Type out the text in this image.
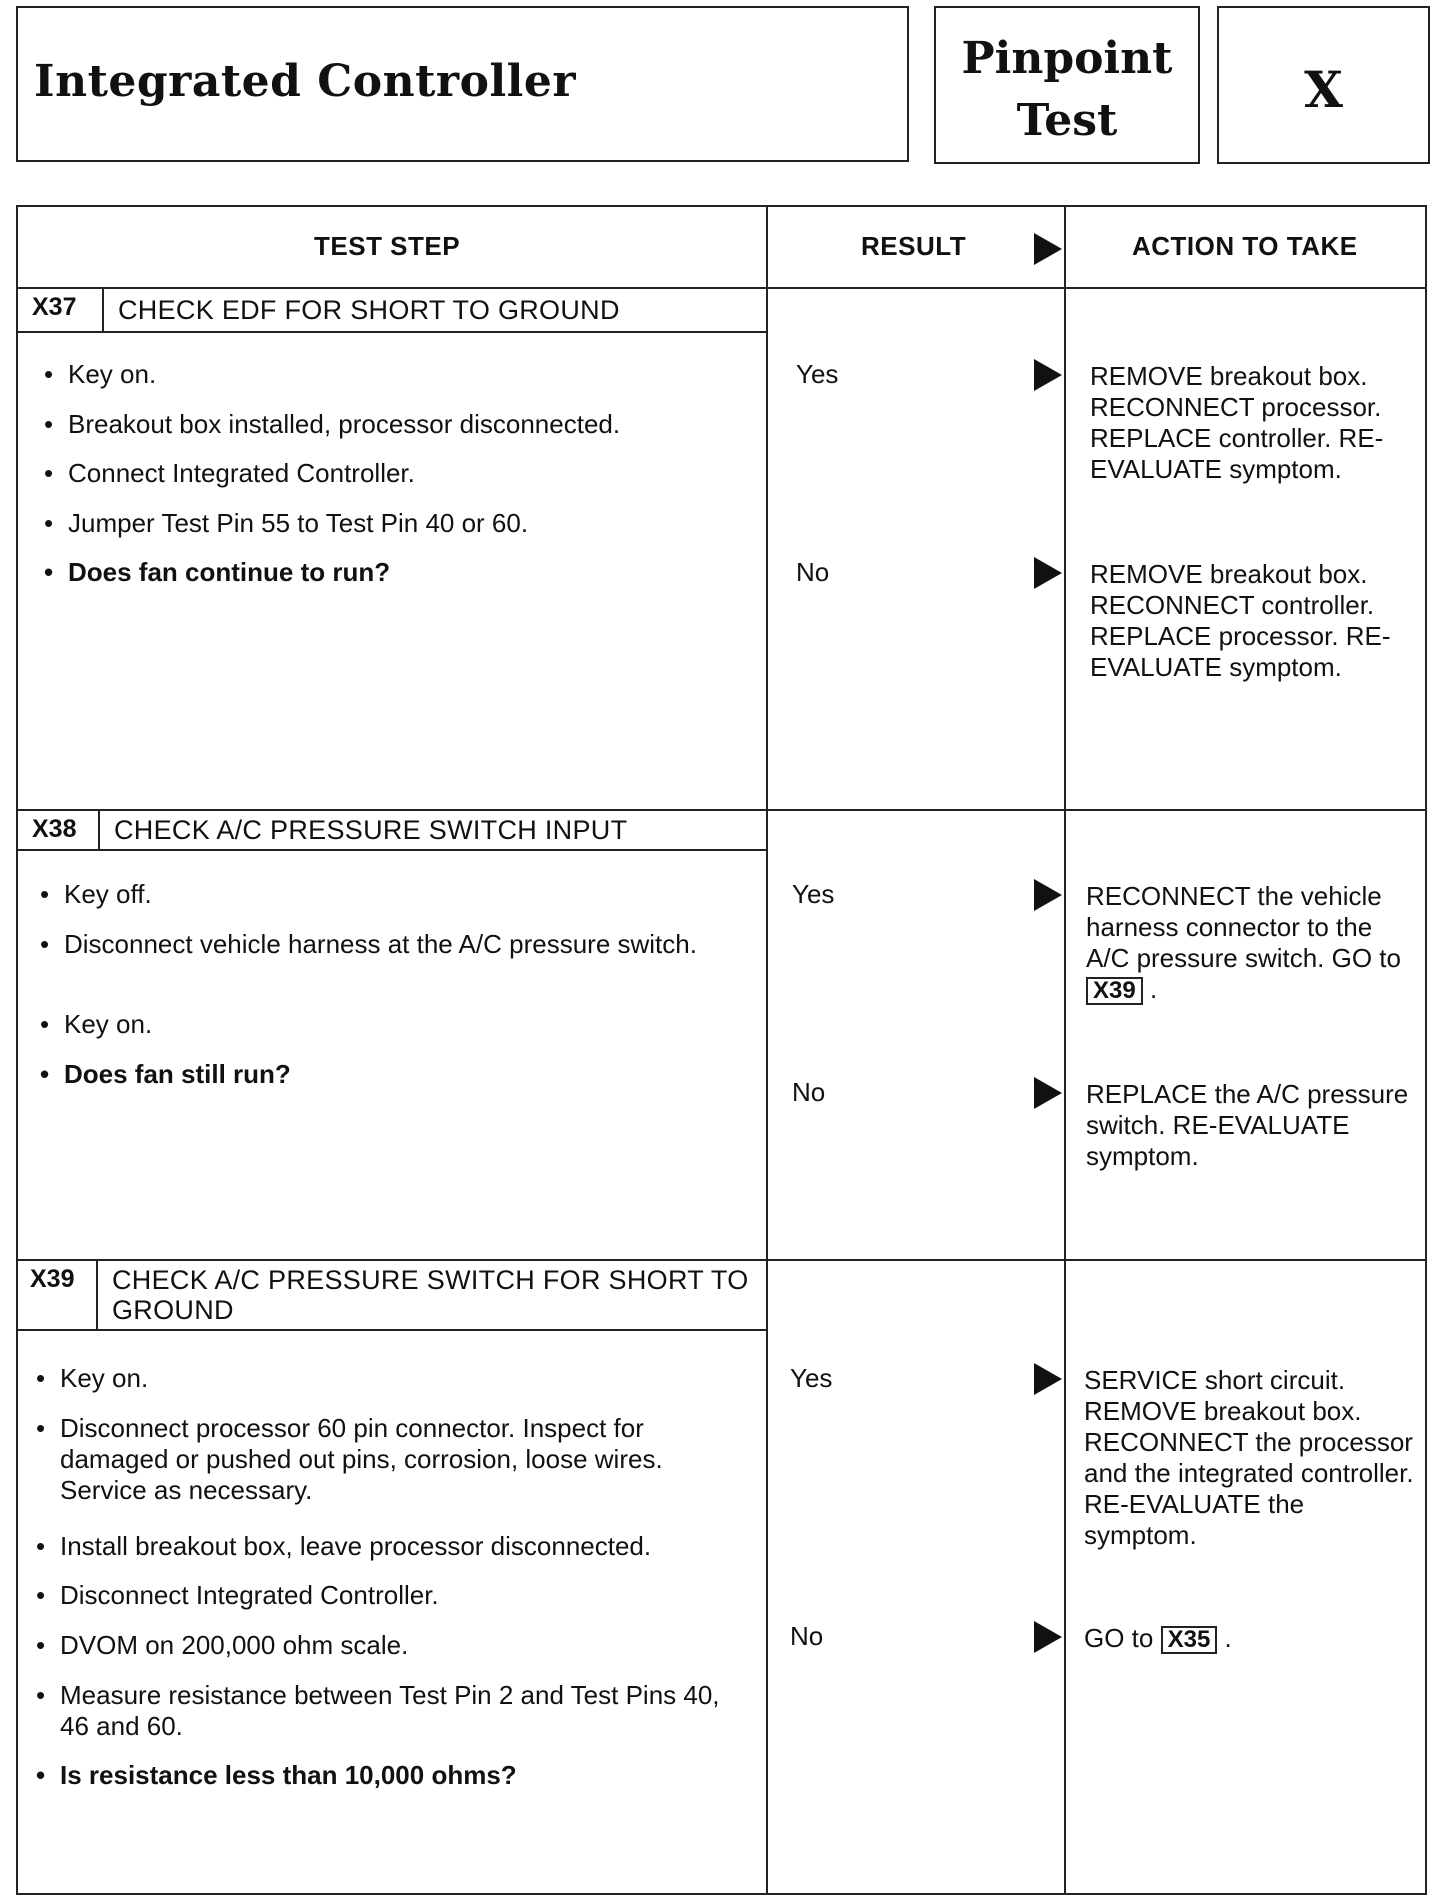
Integrated Controller	Pinpoint
Test
X
TEST STEP	RESULT	ACTION TO TAKE
X37 CHECK EDF FOR SHORT TO GROUND
• Key on.
• Breakout box installed, processor disconnected.
• Connect Integrated Controller.
• Jumper Test Pin 55 to Test Pin 40 or 60.
• Does fan continue to run?
Yes	REMOVE breakout box. RECONNECT processor. REPLACE controller. RE-EVALUATE symptom.
No	REMOVE breakout box. RECONNECT controller. REPLACE processor. RE-EVALUATE symptom.
X38 CHECK A/C PRESSURE SWITCH INPUT
• Key off.
• Disconnect vehicle harness at the A/C pressure switch.
• Key on.
• Does fan still run?
Yes	RECONNECT the vehicle harness connector to the A/C pressure switch. GO to X39 .
No	REPLACE the A/C pressure switch. RE-EVALUATE symptom.
X39 CHECK A/C PRESSURE SWITCH FOR SHORT TO GROUND
• Key on.
• Disconnect processor 60 pin connector. Inspect for damaged or pushed out pins, corrosion, loose wires. Service as necessary.
• Install breakout box, leave processor disconnected.
• Disconnect Integrated Controller.
• DVOM on 200,000 ohm scale.
• Measure resistance between Test Pin 2 and Test Pins 40, 46 and 60.
• Is resistance less than 10,000 ohms?
Yes	SERVICE short circuit. REMOVE breakout box. RECONNECT the processor and the integrated controller. RE-EVALUATE the symptom.
No	GO to X35 .
